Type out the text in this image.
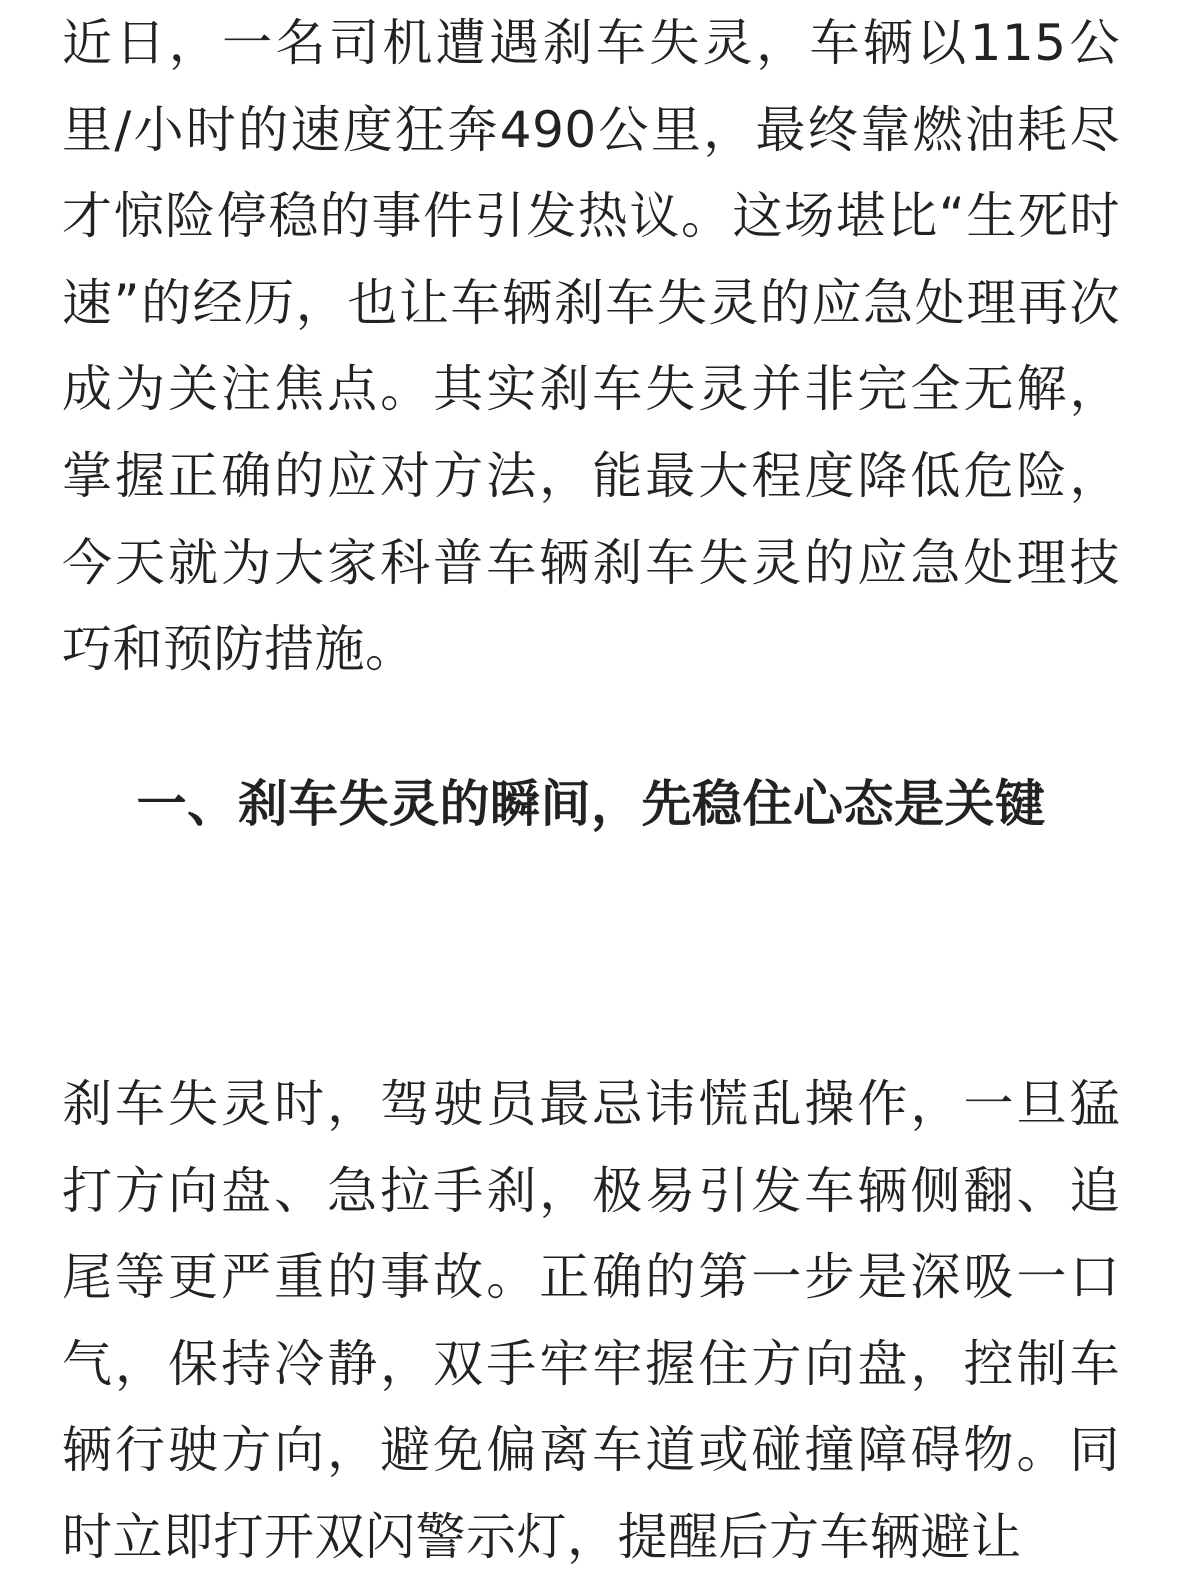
近日，一名司机遭遇刹车失灵，车辆以115公里/小时的速度狂奔490公里，最终靠燃油耗尽才惊险停稳的事件引发热议。这场堪比“生死时速”的经历，也让车辆刹车失灵的应急处理再次成为关注焦点。其实刹车失灵并非完全无解，掌握正确的应对方法，能最大程度降低危险，今天就为大家科普车辆刹车失灵的应急处理技巧和预防措施。

一、刹车失灵的瞬间，先稳住心态是关键

刹车失灵时，驾驶员最忌讳慌乱操作，一旦猛打方向盘、急拉手刹，极易引发车辆侧翻、追尾等更严重的事故。正确的第一步是深吸一口气，保持冷静，双手牢牢握住方向盘，控制车辆行驶方向，避免偏离车道或碰撞障碍物。同时立即打开双闪警示灯，提醒后方车辆避让
